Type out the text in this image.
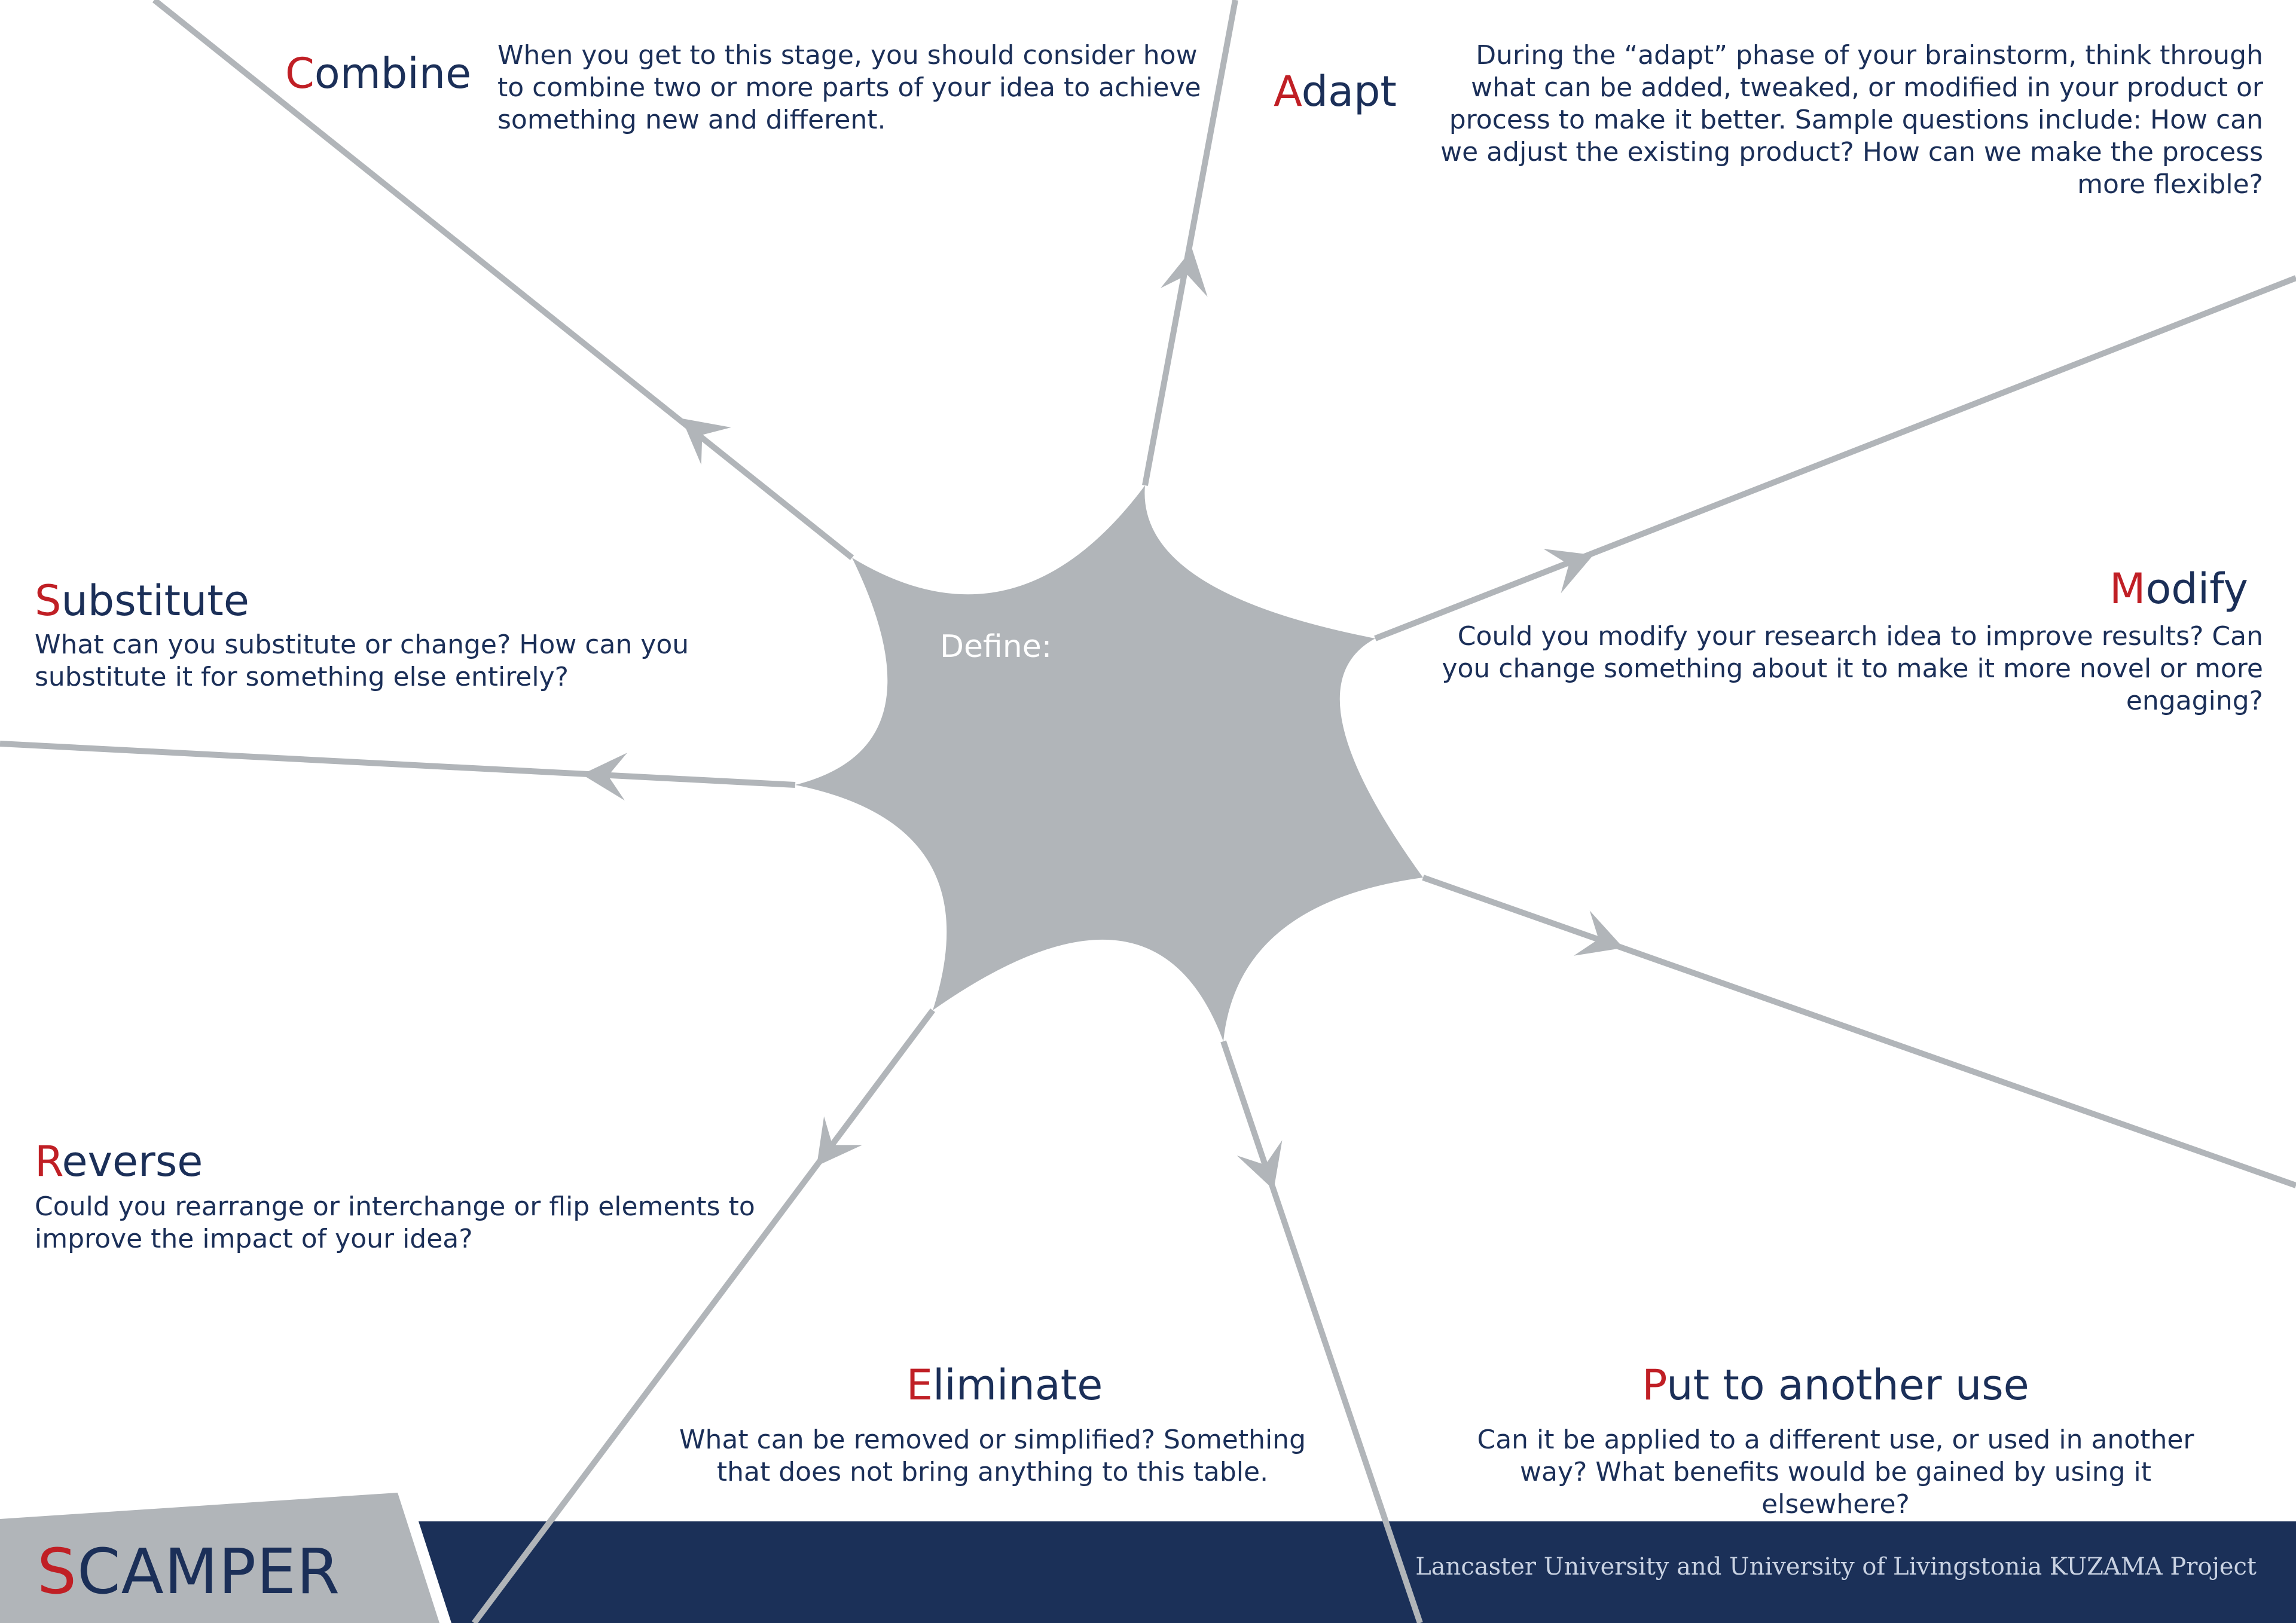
Define:
Combine When you get to this stage, you should consider how to combine two or more parts of your idea to achieve something new and different.

Adapt

During the “adapt” phase of your brainstorm, think through what can be added, tweaked, or modified in your product or process to make it better. Sample questions include: How can we adjust the existing product? How can we make the process more flexible?

Substitute

What can you substitute or change? How can you substitute it for something else entirely?

Modify

Could you modify your research idea to improve results? Can you change something about it to make it more novel or more engaging?

Reverse

Could you rearrange or interchange or flip elements to improve the impact of your idea?

Eliminate

What can be removed or simplified? Something that does not bring anything to this table.

Put to another use

Can it be applied to a different use, or used in another way? What benefits would be gained by using it elsewhere?

SCAMPER	Lancaster University and University of Livingstonia KUZAMA Project
